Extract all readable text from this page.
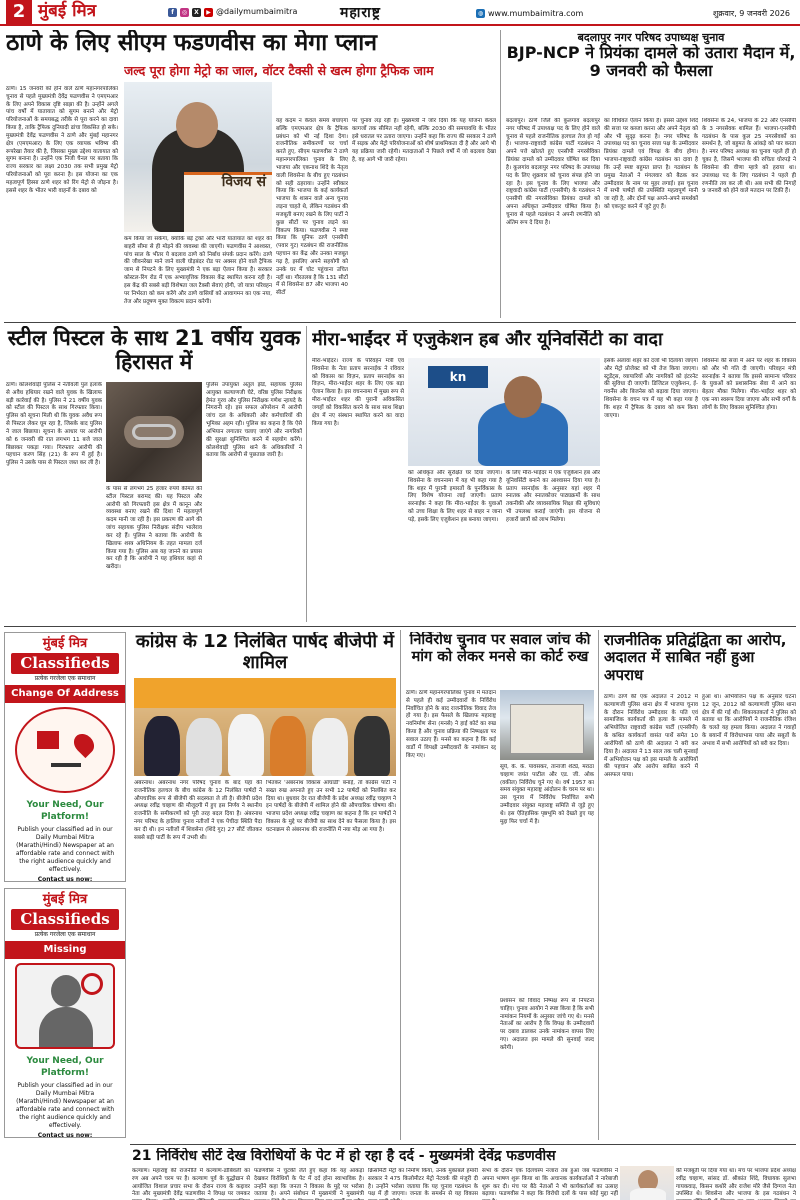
2 मुंबई मित्र	f	◎	X	▶ @dailymumbaimitra	महाराष्ट्र	◍ www.mumbaimitra.com	शुक्रवार, 9 जनवरी 2026
ठाणे के लिए सीएम फडणवीस का मेगा प्लान
जल्द पूरा होगा मेट्रो का जाल, वॉटर टैक्सी से खत्म होगा ट्रैफिक जाम

ठाणे। 15 जनवरी को होने वाले ठाणे महानगरपालिका चुनाव से पहले मुख्यमंत्री देवेंद्र फडणवीस ने एमएमआर के लिए अपने विकास दृष्टि साझा की है। उन्होंने अगले पांच वर्षों में यातायात को सुगम बनाने और मेट्रो परियोजनाओं के समयबद्ध तरीके से पूरा करने का दावा किया है, ताकि ट्रैफिक दुनियादी ढांचा विकसित हो सके। मुख्यमंत्री देवेंद्र फडणवीस ने ठाणे और मुंबई महानगर क्षेत्र (एमएमआर) के लिए एक व्यापक भविष्य की रूपरेखा तैयार की है, जिसका मुख्य उद्देश्य यातायात को सुगम बनाना है। उन्होंने एक निजी चैनल पर बताया कि राज्य सरकार का लक्ष्य 2030 तक सभी प्रमुख मेट्रो परियोजनाओं को पूरा करना है। इस योजना का एक महत्वपूर्ण हिस्सा ठाणे शहर को रिंग मेट्रो से जोड़ना है। इससे शहर के भीतर भारी वाहनों के दबाव को

विजय सं

यह कदम न केवल समय बचाएगा बल्कि एमएमआर क्षेत्र के ट्रैफिक प्रबंधन को भी नई दिशा देगा। राजनीतिक समीकरणों पर चर्चा करते हुए, सीएम फडणवीस ने ठाणे महानगरपालिका चुनाव के लिए भाजपा और एकनाथ शिंदे के नेतृत्व वाली शिवसेना के बीच हुए गठबंधन को सही ठहराया। उन्होंने स्वीकार किया कि भाजपा के कई कार्यकर्ता भाजपा के शासन वाले अन्य चुनाव लड़ना चाहते थे, लेकिन गठबंधन की मजबूती बनाए रखने के लिए पार्टी ने कुछ सीटों पर चुनाव लड़ने का विकल्प किया। फडणवीस ने स्पष्ट किया कि यूनिफ ठाणे एनसीपी (पवार गुट) गठबंधन की राजनीतिक पहचान का केंद्र और उनका मजबूत गढ़ है, इसलिए अपने सहयोगी को उनके घर में चोट पहुंचाना उचित नहीं था। गौरतलब है कि 131 सीटों में से शिवसेना 87 और भाजपा 40 सीटों

कम किया जा सकेगा, क्योंकि बड़े ट्रकों और भारी यातायात को शहर की बाहरी सीमा से ही मोड़ने की व्यवस्था की जाएगी। फडणवीस ने आश्वस्त, पांच साल के भीतर ये बदलाव ठाणे को निर्बाध संपर्क प्रदान करेंगे। ठाणे की जीवनरेखा माने जाने वाली घोड़बंदर रोड पर अक्सर होने वाले ट्रैफिक जाम से निपटने के लिए मुख्यमंत्री ने एक बड़ा ऐलान किया है। सरकार कोस्टल-रिंग रोड में एक अभ्यावृत्तिक विकास केंद्र स्थापित करना रही है। इस केंद्र की सबसे बड़ी विशेषता जल टैक्सी सेवाएं होगी, जो यात्रा परिवहन पर निर्भरता को कम करेंगे और ठाणे वासियों को आवागमन का एक नया, तेज और प्रदूषण मुक्त विकल्प प्रदान करेगी।

पर चुनाव लड़ रही है। मुख्यमंत्री ने जोर दिया कि यह योजना केवल कागजों तक सीमित नहीं रहेगी, बल्कि 2030 की समयावधि के भीतर इसे धरातल पर उतारा जाएगा। उन्होंने कहा कि राज्य की सरकार ने ठाणे में सड़क और मेट्रो परियोजनाओं को शीर्ष प्राथमिकता दी है और आगे भी यह प्रक्रिया जारी रहेगी। मतदाताओं ने पिछले वर्षों में जो बदलाव देखा है, वह आगे भी जारी रहेगा।

बदलापुर नगर परिषद उपाध्यक्ष चुनाव
BJP-NCP ने प्रियंका दामले को उतारा मैदान में, 9 जनवरी को फैसला

बदलापुर। ठाणे जिले की कुलगांव बदलापुर नगर परिषद में उपाध्यक्ष पद के लिए होने वाले चुनाव से पहले राजनीतिक हलचल तेज हो गई है। भाजपा-राष्ट्रवादी कांग्रेस पार्टी गठबंधन ने अपने पत्ते खोलते हुए एनसीपी नगरसेविका प्रियंका दामले को उम्मीदवार घोषित कर दिया है। कुलगांव बदलापुर नगर परिषद के उपाध्यक्ष पद के लिए शुक्रवार को चुनाव संपन्न होने जा रहा है। इस चुनाव के लिए भाजपा और राष्ट्रवादी कांग्रेस पार्टी (एनसीपी) के गठबंधन ने एनसीपी की नगरसेविका प्रियंका दामले को अपना अधिकृत उम्मीदवार घोषित किया है। चुनाव से पहले गठबंधन ने अपनी रणनीति को अंतिम रूप दे दिया है।

का विधिवत ऐलान किया है। इससे उद्देश्य शिंदे की सत्ता पर कब्जा करना और अपने नेतृत्व को और भी सुदृढ़ करना है। नगर परिषद के उपाध्यक्ष पद का चुनाव सत्ता पक्ष के उम्मीदवार प्रियंका दामले एवं विपक्ष के बीच होगा। भाजपा-राष्ट्रवादी कांग्रेस गठबंधन का दावा है कि उन्हें स्पष्ट बहुमत प्राप्त है। गठबंधन के प्रमुख नेताओं ने मंगलवार को बैठक कर उम्मीदवार के नाम पर मुहर लगाई। इस चुनाव में सभी पार्षदों की उपस्थिति महत्वपूर्ण मानी जा रही है, और दोनों पक्ष अपने-अपने समर्थकों को एकजुट करने में जुटे हुए हैं।

शिवसेना के 24, भाजपा के 22 और एनसीपी के 3 नगरसेवक शामिल हैं। भाजपा-एनसीपी गठबंधन के पास कुल 25 नगरसेवकों का समर्थन है, जो बहुमत के आंकड़े को पार करता है। नगर परिषद अध्यक्ष का चुनाव पहले ही हो चुका है, जिसमें भाजपा की रुचिता घोरपड़े ने शिवसेना की वीणा म्हात्रे को हराया था। उपाध्यक्ष पद के लिए गठबंधन ने पहले ही रणनीति तय कर ली थी। अब सभी की निगाहें 9 जनवरी को होने वाले मतदान पर टिकी हैं।

स्टील पिस्टल के साथ 21 वर्षीय युवक हिरासत में

ठाणे। कोलशेवाड़ी पुलिस ने नेतीवली पुल इलाके से अवैध हथियार रखने वाले युवक के खिलाफ बड़ी कार्रवाई की है। पुलिस ने 21 वर्षीय युवक को स्टील की पिस्टल के साथ गिरफ्तार किया। पुलिस को सूचना मिली थी कि युवक अवैध रूप से पिस्टल लेकर घूम रहा है, जिसके बाद पुलिस ने जाल बिछाया। सूचना के आधार पर आरोपी को 6 जनवरी की रात लगभग 11 बजे जाल बिछाकर पकड़ा गया। गिरफ्तार आरोपी की पहचान करण सिंह (21) के रूप में हुई है। पुलिस ने उसके पास से पिस्टल जब्त कर ली है।

के पास से लगभग 25 हजार रुपये कीमत की स्टील पिस्टल बरामद की। यह पिस्टल और आरोपी को गिरफ्तारी इस क्षेत्र में कानून और व्यवस्था बनाए रखने की दिशा में महत्वपूर्ण कदम मानी जा रही है। इस प्रकरण की आगे की जांच सहायक पुलिस निरीक्षक संदीप भालेराव कर रहे हैं। पुलिस ने बताया कि आरोपी के खिलाफ शस्त्र अधिनियम के तहत मामला दर्ज किया गया है। पुलिस अब यह जानने का प्रयास कर रही है कि आरोपी ने यह हथियार कहां से खरीदा।

पुलिस उपायुक्त अतुल झेंडे, सहायक पुलिस आयुक्त कल्याणजी घेटे, वरिष्ठ पुलिस निरीक्षक हेमंत गुरव और पुलिस निरीक्षक गणेश न्हायदे के निगरानी रहे। इस सफल ऑपरेशन में आरोपी जांच दल के अधिकारी और कर्मचारियों की भूमिका अहम रही। पुलिस का कहना है कि ऐसे अभियान लगातार चलाए जाएंगे और नागरिकों की सुरक्षा सुनिश्चित करने में सहयोग करेंगे। कोलशेवाड़ी पुलिस थाने के अधिकारियों ने बताया कि आरोपी से पूछताछ जारी है।

मीरा-भाईंदर में एजुकेशन हब और यूनिवर्सिटी का वादा

मीरा-भाईंदर। राज्य के परिवहन मंत्री एवं शिवसेना के नेता प्रताप सरनाईक ने रविवार को विकास का विज़न, प्रताप सरनाईक का विज़न, मीरा-भाईंदर शहर के लिए एक बड़ा ऐलान किया है। इस वचननामा में मुख्य रूप से मीरा-भाईंदर शहर की पुरानी अविकसित जगहों को विकसित करने के साथ साथ शिक्षा क्षेत्र में नए संस्थान स्थापित करने का वादा किया गया है।

kn

को अधिकृत और सुरक्षित घर दिया जाएगा। शिवसेना के वचननामा में यह भी कहा गया है कि शहर में पुरानी इमारतों के पुनर्विकास के लिए विशेष योजना लाई जाएगी। प्रताप सरनाईक ने कहा कि मीरा-भाईंदर के युवाओं को उच्च शिक्षा के लिए शहर से बाहर न जाना पड़े, इसके लिए एजुकेशन हब बनाया जाएगा।

के लिए मीरा-भाईंदर में एक एजुकेशन हब और यूनिवर्सिटी बनाने का आश्वासन दिया गया है। प्रताप सरनाईक के अनुसार यहां शहर में स्नातक और स्नातकोत्तर पाठ्यक्रमों के साथ तकनीकी और व्यावसायिक शिक्षा की सुविधाएं भी उपलब्ध कराई जाएंगी। इस योजना से हजारों छात्रों को लाभ मिलेगा।

इसके अलावा शहर को दर्जा भी दिलाया जाएगा और मेट्रो प्रोजेक्ट को भी तेज किया जाएगा। स्टूडेंट्स, व्यापारियों और नागरिकों को इंटरनेट की सुविधा दी जाएगी। डिजिटल एजुकेशन, ई-गवर्नेंस और बिजनेस को बढ़ावा दिया जाएगा। शिवसेना के वचन पत्र में यह भी कहा गया है कि शहर में ट्रैफिक के दबाव को कम किया जाएगा।

शिवसेना की सत्ता में आने पर शहर के विकास को और भी गति दी जाएगी। परिवहन मंत्री सरनाईक ने बताया कि इससे सामान्य परिवार के युवाओं को प्रशासनिक सेवा में आने का बेहतर मौका मिलेगा। मीरा-भाईंदर शहर को एक नया स्वरूप दिया जाएगा और सभी वर्गों के लोगों के लिए विकास सुनिश्चित होगा।

मुंबई मित्र
Classifieds
प्रत्येक गरजेला एक समाधान
Change Of Address
Your Need, Our Platform!
Publish your classified ad in our Daily Mumbai Mitra (Marathi/Hindi) Newspaper at an affordable rate and connect with the right audience quickly and effectively.
Contact us now:
मुंबई मित्र
Classifieds
प्रत्येक गरजेला एक समाधान
Missing
Your Need, Our Platform!
Publish your classified ad in our Daily Mumbai Mitra (Marathi/Hindi) Newspaper at an affordable rate and connect with the right audience quickly and effectively.
Contact us now:
कांग्रेस के 12 निलंबित पार्षद बीजेपी में शामिल

अंबरनाथ। अंबरनाथ नगर परिषद चुनाव के बाद यहां की राजनीतिक हलचल के बीच कांग्रेस के 12 निलंबित पार्षदों ने औपचारिक रूप से बीजेपी की सदस्यता ले ली है। बीजेपी प्रदेश अध्यक्ष रवींद्र चव्हाण की मौजूदगी में हुए इस निर्णय ने स्थानीय राजनीति के समीकरणों को पूरी तरह बदल दिया है। अंबरनाथ नगर परिषद के हालिया चुनाव नतीजों ने एक पेचीदा स्थिति पैदा कर दी थी। इन नतीजों में शिवसेना (शिंदे गुट) 27 सीटें जीतकर सबसे बड़ी पार्टी के रूप में उभरी थी।

भितकर 'अंबरनाथ विकास आघाडी' बनाई, तो कांग्रेस पार्टी ने सख्त रुख अपनाते हुए उन सभी 12 पार्षदों को निलंबित कर दिया था। बुधवार देर रात बीजेपी के प्रदेश अध्यक्ष रवींद्र चव्हाण ने इन पार्षदों के बीजेपी में शामिल होने की औपचारिक घोषणा की। भाजपा प्रदेश अध्यक्ष रवींद्र चव्हाण का कहना है कि इन पार्षदों ने विकास के मुद्दे पर बीजेपी का साथ देने का फैसला किया है। इस घटनाक्रम से अंबरनाथ की राजनीति में नया मोड़ आ गया है।

निर्विरोध चुनाव पर सवाल जांच की मांग को लेकर मनसे का कोर्ट रुख

ठाणे। ठाणे महानगरपालिका चुनाव में मतदान से पहले ही कई उम्मीदवारों के निर्विरोध निर्वाचित होने के बाद राजनीतिक विवाद तेज हो गया है। इस फैसले के खिलाफ महाराष्ट्र नवनिर्माण सेना (मनसे) ने हाई कोर्ट का रुख किया है और चुनाव प्रक्रिया की निष्पक्षता पर सवाल उठाए हैं। मनसे का कहना है कि कई वार्डों में विपक्षी उम्मीदवारों के नामांकन रद्द किए गए।

सूर्ये, के. के. पावसकर, तानाजी शेट्ये, मराठा चव्हाण जयंत पाटील और एड. जी. ओक (वकील) निर्विरोध चुने गए थे। वर्ष 1957 का समय संयुक्त महाराष्ट्र आंदोलन के चरम पर था। उस चुनाव में निर्विरोध निर्वाचित सभी उम्मीदवार संयुक्त महाराष्ट्र समिति से जुड़े हुए थे। इस ऐतिहासिक पृष्ठभूमि को देखते हुए यह मुद्दा फिर चर्चा में है।

प्रशासन को विवाद निष्पक्ष रूप से निपटना चाहिए। चुनाव आयोग ने स्पष्ट किया है कि सभी नामांकन नियमों के अनुसार जांचे गए थे। मनसे नेताओं का आरोप है कि विपक्ष के उम्मीदवारों पर दबाव डालकर उनके नामांकन वापस लिए गए। अदालत इस मामले की सुनवाई जल्द करेगी।

राजनीतिक प्रतिद्वंद्विता का आरोप, अदालत में साबित नहीं हुआ अपराध

ठाणे। ठाणे की एक अदालत ने 2012 में कल्याणजी पुलिस थाना क्षेत्र में भाजपा चुनाव के दौरान निर्विरोध उम्मीदवार के पति एवं सामाजिक कार्यकर्ता की हत्या के मामले में अभियोजित राष्ट्रवादी कांग्रेस पार्टी (एनसीपी) के कथित कार्यकर्ता वासंत पार्थे समेत 10 आरोपियों को ठाणे की अदालत ने बरी कर दिया है। अदालत ने 13 साल तक चली सुनवाई में अभियोजन पक्ष को इस मामले के आरोपियों की पहचान और आरोप साबित करने में असफल पाया।

हुआ था। अभियोजन पक्ष के अनुसार घटना 12 जून, 2012 को कल्याणजी पुलिस थाना क्षेत्र में की गई थी। शिकायतकर्ता ने पुलिस को बताया था कि आरोपियों ने राजनीतिक रंजिश के चलते यह हमला किया। अदालत ने गवाहों के बयानों में विरोधाभास पाया और सबूतों के अभाव में सभी आरोपियों को बरी कर दिया।

21 निर्विरोध सीटें देख विरोधियों के पेट में हो रहा है दर्द - मुख्यमंत्री देवेंद्र फडणवीस

कल्याण। महाराष्ट्र की राजनीति में कल्याण-डोंबिवली का रण अब अपने चरम पर है। कल्याण पूर्व के युद्धोद्यान से आयोजित विशाल प्रचार सभा के दौरान राज्य के कद्दावर नेता और मुख्यमंत्री देवेंद्र फडणवीस ने विपक्ष पर जमकर

फडणवीस ने चुटकी लेते हुए कहा कि यह आंकड़ा देखकर विरोधियों के पेट में दर्द होना स्वाभाविक है। उन्होंने कहा कि जनता ने विकास के मुद्दे पर भरोसा जताया है। अपने संबोधन में मुख्यमंत्री ने मुख्यमंत्री

क्रिसमिटी मेट्रो का निर्माण किया, उनके मुकाबले हमारी सरकार ने 475 किलोमीटर मेट्रो नेटवर्क की मंजूरी दी है। उन्होंने भरोसा जताया कि यह चुनाव गठबंधन के पक्ष में ही जाएगा। जनता के समर्थन से यह विकास

सभा के दौरान एक दिलचस्प नजारा तब हुआ जब फडणवीस ने अपना भाषण शुरू किया था कि अचानक कार्यकर्ताओं ने नारेबाजी शुरू कर दी। मंच पर बैठे नेताओं ने भी कार्यकर्ताओं का उत्साह बढ़ाया। फडणवीस ने कहा कि विरोधी दलों के पास कोई मुद्दा नहीं

की मजबूती पर दिया गया था। मंच पर भाजपा प्रदेश अध्यक्ष रवींद्र चव्हाण, सांसद डॉ. श्रीकांत शिंदे, विधायक सुलभा गायकवाड़, किसन कथोरे और राजेश मोरे जैसे दिग्गज नेता उपस्थित थे। शिवसेना और भाजपा के इस गठबंधन ने
